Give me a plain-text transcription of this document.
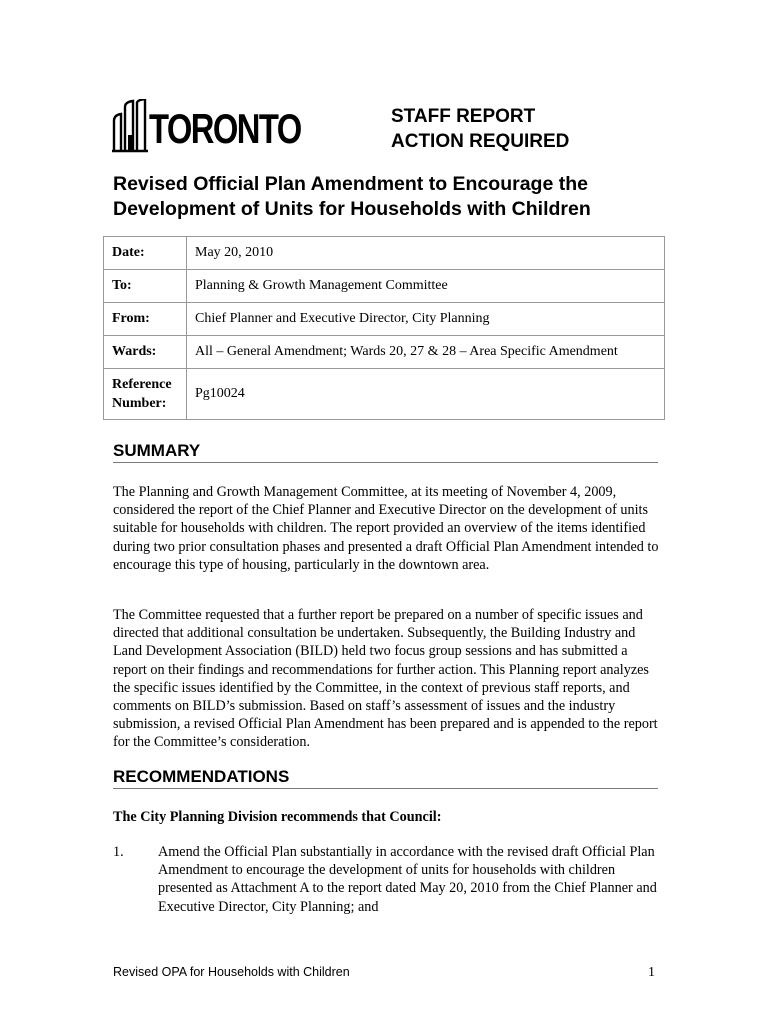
TORONTO	STAFF REPORT
ACTION REQUIRED
Revised Official Plan Amendment to Encourage the Development of Units for Households with Children
Date:	May 20, 2010
To:	Planning & Growth Management Committee
From:	Chief Planner and Executive Director, City Planning
Wards:	All – General Amendment; Wards 20, 27 & 28 – Area Specific Amendment

Reference
Number:	Pg10024
SUMMARY
The Planning and Growth Management Committee, at its meeting of November 4, 2009, considered the report of the Chief Planner and Executive Director on the development of units suitable for households with children. The report provided an overview of the items identified during two prior consultation phases and presented a draft Official Plan Amendment intended to encourage this type of housing, particularly in the downtown area.
The Committee requested that a further report be prepared on a number of specific issues and directed that additional consultation be undertaken. Subsequently, the Building Industry and Land Development Association (BILD) held two focus group sessions and has submitted a report on their findings and recommendations for further action. This Planning report analyzes the specific issues identified by the Committee, in the context of previous staff reports, and comments on BILD’s submission. Based on staff’s assessment of issues and the industry submission, a revised Official Plan Amendment has been prepared and is appended to the report for the Committee’s consideration.
RECOMMENDATIONS
The City Planning Division recommends that Council:
1. Amend the Official Plan substantially in accordance with the revised draft Official Plan Amendment to encourage the development of units for households with children presented as Attachment A to the report dated May 20, 2010 from the Chief Planner and Executive Director, City Planning; and
Revised OPA for Households with Children	1
